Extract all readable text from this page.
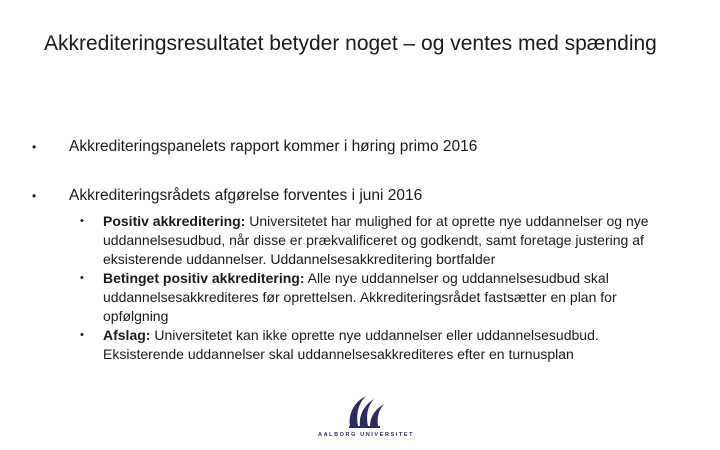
Akkrediteringsresultatet betyder noget – og ventes med spænding
•	Akkrediteringspanelets rapport kommer i høring primo 2016
•	Akkrediteringsrådets afgørelse forventes i juni 2016
• Positiv akkreditering: Universitetet har mulighed for at oprette nye uddannelser og nye uddannelsesudbud, når disse er prækvalificeret og godkendt, samt foretage justering af eksisterende uddannelser. Uddannelsesakkreditering bortfalder
• Betinget positiv akkreditering: Alle nye uddannelser og uddannelsesudbud skal uddannelsesakkrediteres før oprettelsen. Akkrediteringsrådet fastsætter en plan for opfølgning
• Afslag: Universitetet kan ikke oprette nye uddannelser eller uddannelsesudbud. Eksisterende uddannelser skal uddannelsesakkrediteres efter en turnusplan
AALBORG UNIVERSITET
